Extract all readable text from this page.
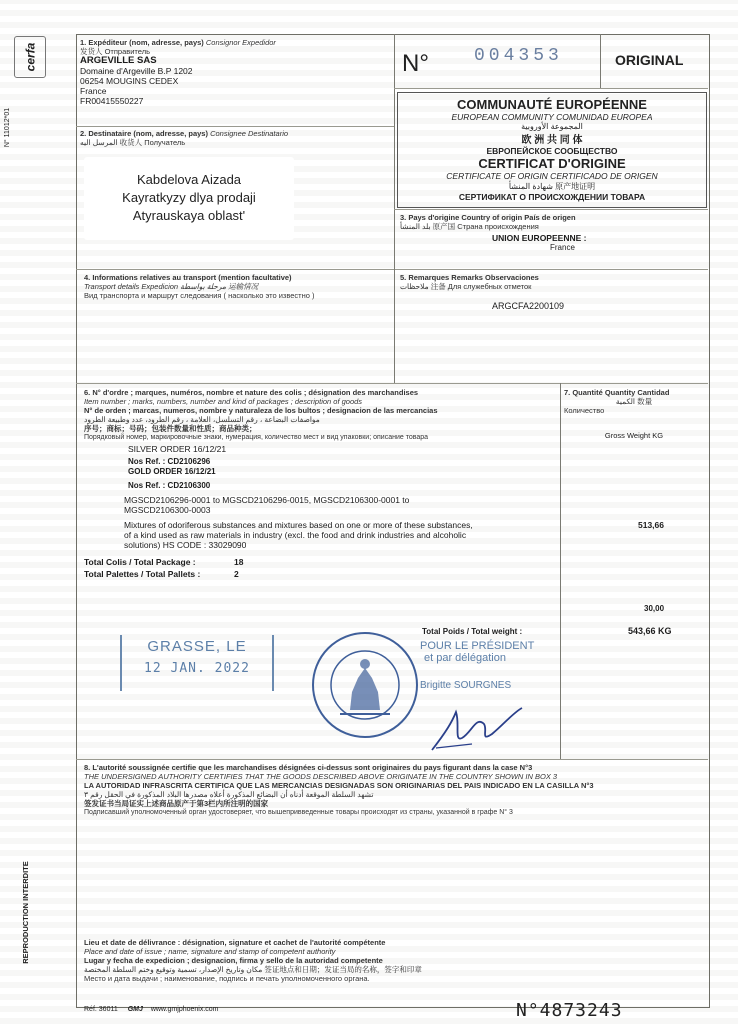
cerfa
N° 11012*01
REPRODUCTION INTERDITE
1. Expéditeur (nom, adresse, pays) Consignor Expedidor
发货人 Отправитель
ARGEVILLE SAS
Domaine d'Argeville B.P 1202
06254 MOUGINS CEDEX
France
FR00415550227
N°	004353	ORIGINAL
COMMUNAUTÉ EUROPÉENNE
EUROPEAN COMMUNITY COMUNIDAD EUROPEA
المجموعة الأوروبية
欧 洲 共 同 体
ЕВРОПЕЙСКОЕ СООБЩЕСТВО
CERTIFICAT D'ORIGINE
CERTIFICATE OF ORIGIN CERTIFICADO DE ORIGEN
شهادة المنشأ 原产地证明
СЕРТИФИКАТ О ПРОИСХОЖДЕНИИ ТОВАРА
2. Destinataire (nom, adresse, pays) Consignee Destinatario
المرسل اليه 收货人 Получатель
Kabdelova Aizada
Kayratkyzy dlya prodaji
Atyrauskaya oblast'	3. Pays d'origine Country of origin País de origen
بلد المنشأ 原产国 Страна происхождения
UNION EUROPEENNE :
France
4. Informations relatives au transport (mention facultative)
Transport details Expedicion مرحلة بواسطة 运输情况
Вид транспорта и маршрут следования ( насколько это известно )
5. Remarques Remarks Observaciones
ملاحظات 注备 Для служебных отметок
ARGCFA2200109
6. N° d'ordre ; marques, numéros, nombre et nature des colis ; désignation des marchandises
Item number ; marks, numbers, number and kind of packages ; description of goods
N° de orden ; marcas, numeros, nombre y naturaleza de los bultos ; designacion de las mercancias
مواصفات البضاعة ، رقم التسلسل، العلامة ، رقم الطرود، عدد وطبيعة الطرود
序号；商标；号码；包装件数量和性质；商品种类；
Порядковый номер, маркировочные знаки, нумерация, количество мест и вид упаковки; описание товара
SILVER ORDER 16/12/21
Nos Ref. : CD2106296
GOLD ORDER 16/12/21
Nos Ref. : CD2106300
MGSCD2106296-0001 to MGSCD2106296-0015, MGSCD2106300-0001 to
MGSCD2106300-0003
Mixtures of odoriferous substances and mixtures based on one or more of these substances,
of a kind used as raw materials in industry (excl. the food and drink industries and alcoholic
solutions) HS CODE : 33029090
Total Colis / Total Package :	18
Total Palettes / Total Pallets :	2
Total Poids / Total weight :
7. Quantité Quantity Cantidad
الكمية 数量
Количество
Gross Weight KG
513,66
30,00
543,66 KG
GRASSE, LE
12 JAN. 2022
POUR LE PRÉSIDENT
et par délégation
Brigitte SOURGNES
8. L'autorité soussignée certifie que les marchandises désignées ci-dessus sont originaires du pays figurant dans la case N°3
THE UNDERSIGNED AUTHORITY CERTIFIES THAT THE GOODS DESCRIBED ABOVE ORIGINATE IN THE COUNTRY SHOWN IN BOX 3
LA AUTORIDAD INFRASCRITA CERTIFICA QUE LAS MERCANCIAS DESIGNADAS SON ORIGINARIAS DEL PAIS INDICADO EN LA CASILLA N°3
تشهد السلطة الموقعة أدناه أن البضائع المذكورة أعلاه مصدرها البلاد المذكورة في الحقل رقم ٣
签发证书当局证实上述商品原产于第3栏内所注明的国家
Подписавший уполномоченный орган удостоверяет, что вышепривведенные товары происходят из страны, указанной в графе N° 3
Lieu et date de délivrance : désignation, signature et cachet de l'autorité compétente
Place and date of issue ; name, signature and stamp of competent authority
Lugar y fecha de expedicion ; designacion, firma y sello de la autoridad competente
مكان وتاريخ الإصدار، تسمية وتوقيع وختم السلطة المختصة 签证地点和日期；发证当局的名称，签字和印章
Место и дата выдачи ; наименование, подпись и печать уполномоченного органа.
Réf. 36011 GMJ www.gmjphoenix.com	N°4873243
